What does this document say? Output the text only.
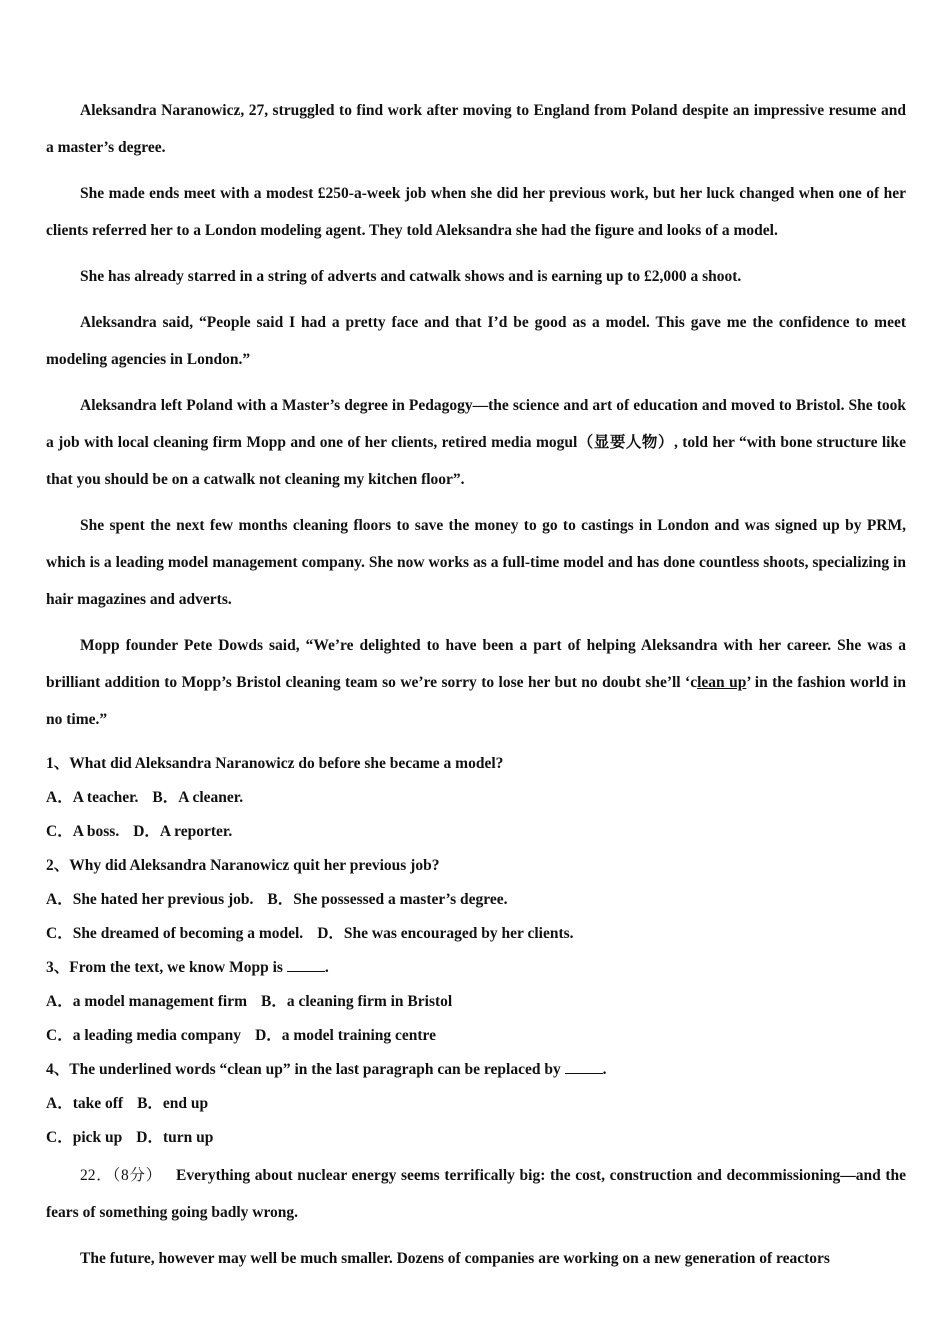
Aleksandra Naranowicz, 27, struggled to find work after moving to England from Poland despite an impressive resume and a master’s degree.

She made ends meet with a modest £250-a-week job when she did her previous work, but her luck changed when one of her clients referred her to a London modeling agent. They told Aleksandra she had the figure and looks of a model.

She has already starred in a string of adverts and catwalk shows and is earning up to £2,000 a shoot.

Aleksandra said, “People said I had a pretty face and that I’d be good as a model. This gave me the confidence to meet modeling agencies in London.”

Aleksandra left Poland with a Master’s degree in Pedagogy—the science and art of education and moved to Bristol. She took a job with local cleaning firm Mopp and one of her clients, retired media mogul（显要人物）, told her “with bone structure like that you should be on a catwalk not cleaning my kitchen floor”.

She spent the next few months cleaning floors to save the money to go to castings in London and was signed up by PRM, which is a leading model management company. She now works as a full-time model and has done countless shoots, specializing in hair magazines and adverts.

Mopp founder Pete Dowds said, “We’re delighted to have been a part of helping Aleksandra with her career. She was a brilliant addition to Mopp’s Bristol cleaning team so we’re sorry to lose her but no doubt she’ll ‘clean up’ in the fashion world in no time.”

1、What did Aleksandra Naranowicz do before she became a model?

A．A teacher. B．A cleaner.

C．A boss. D．A reporter.

2、Why did Aleksandra Naranowicz quit her previous job?

A．She hated her previous job. B．She possessed a master’s degree.

C．She dreamed of becoming a model. D．She was encouraged by her clients.

3、From the text, we know Mopp is .

A．a model management firm B．a cleaning firm in Bristol

C．a leading media company D．a model training centre

4、The underlined words “clean up” in the last paragraph can be replaced by .

A．take off B．end up

C．pick up D．turn up

22．（8分） Everything about nuclear energy seems terrifically big: the cost, construction and decommissioning—and the fears of something going badly wrong.

The future, however may well be much smaller. Dozens of companies are working on a new generation of reactors
